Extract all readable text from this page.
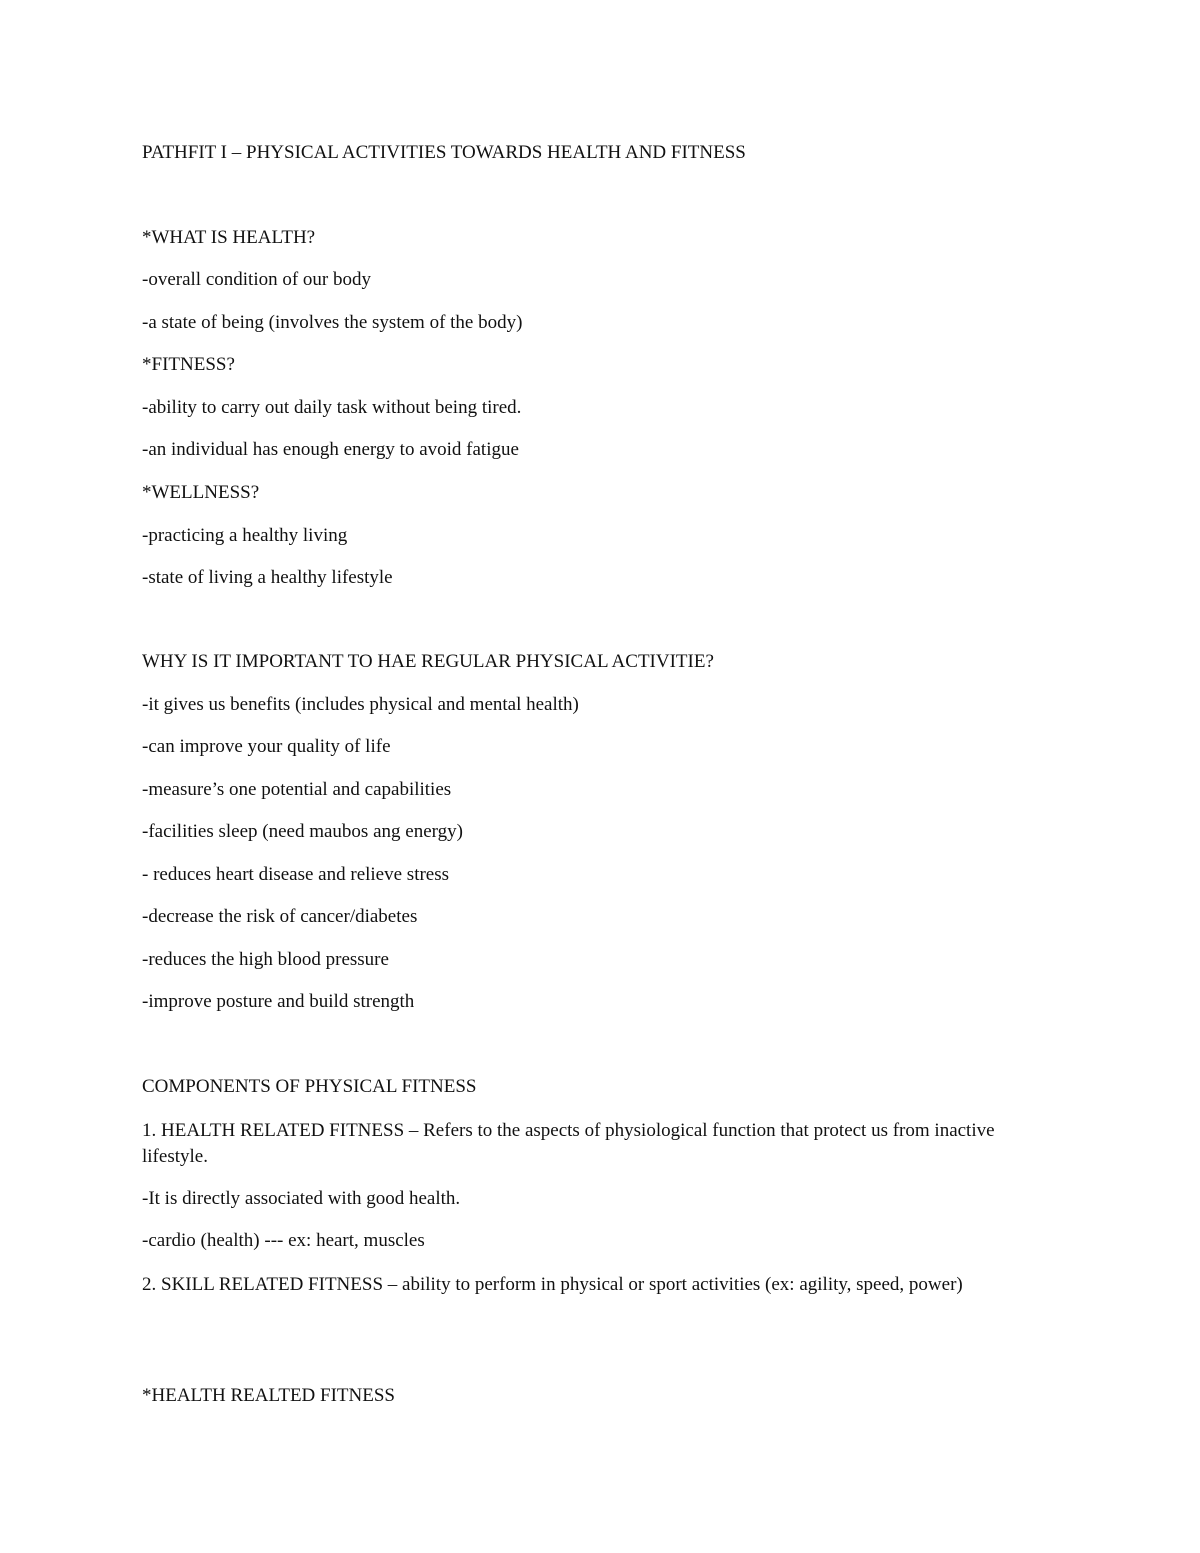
PATHFIT I – PHYSICAL ACTIVITIES TOWARDS HEALTH AND FITNESS

*WHAT IS HEALTH?

-overall condition of our body

-a state of being (involves the system of the body)

*FITNESS?

-ability to carry out daily task without being tired.

-an individual has enough energy to avoid fatigue

*WELLNESS?

-practicing a healthy living

-state of living a healthy lifestyle

WHY IS IT IMPORTANT TO HAE REGULAR PHYSICAL ACTIVITIE?

-it gives us benefits (includes physical and mental health)

-can improve your quality of life

-measure’s one potential and capabilities

-facilities sleep (need maubos ang energy)

- reduces heart disease and relieve stress

-decrease the risk of cancer/diabetes

-reduces the high blood pressure

-improve posture and build strength

COMPONENTS OF PHYSICAL FITNESS

1. HEALTH RELATED FITNESS – Refers to the aspects of physiological function that protect us from inactive lifestyle.

-It is directly associated with good health.

-cardio (health) --- ex: heart, muscles

2. SKILL RELATED FITNESS – ability to perform in physical or sport activities (ex: agility, speed, power)

*HEALTH REALTED FITNESS
